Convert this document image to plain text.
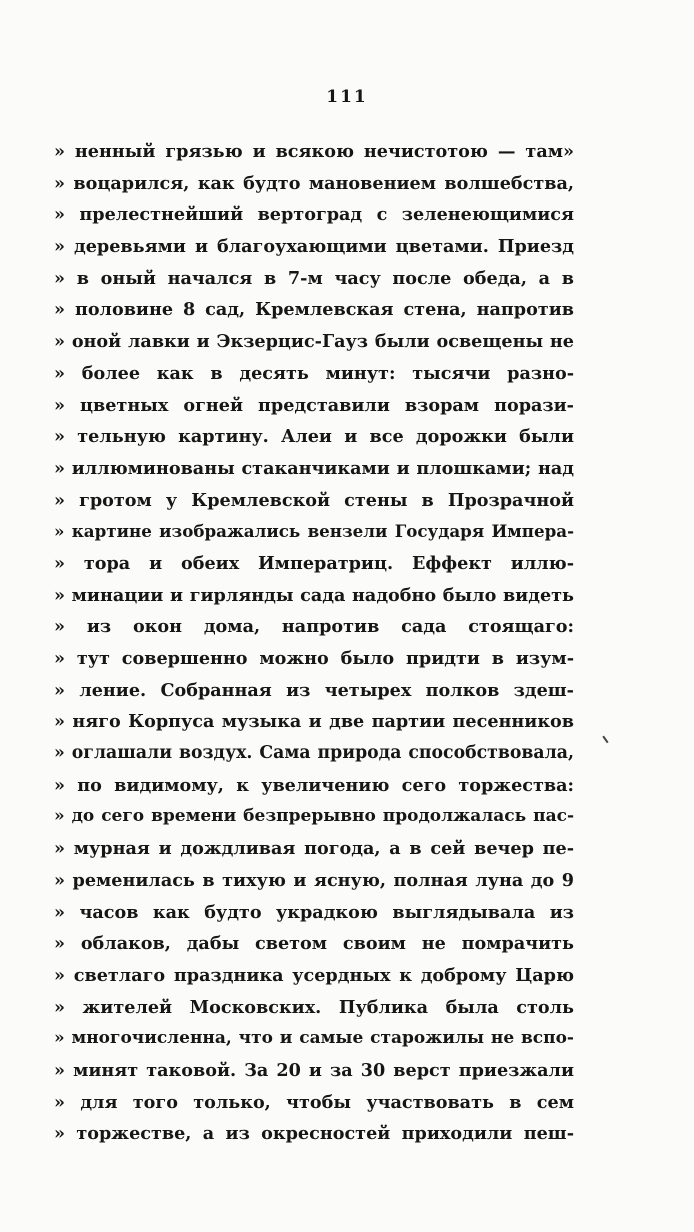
111
» ненный грязью и всякою нечистотою — там»
» воцарился, как будто мановением волшебства,
» прелестнейший вертоград с зеленеющимися
» деревьями и благоухающими цветами. Приезд
» в оный начался в 7-м часу после обеда, а в
» половине 8 сад, Кремлевская стена, напротив
» оной лавки и Экзерцис-Гауз были освещены не
» более как в десять минут: тысячи разно-
» цветных огней представили взорам порази-
» тельную картину. Алеи и все дорожки были
» иллюминованы стаканчиками и плошками; над
» гротом у Кремлевской стены в Прозрачной
» картине изображались вензели Государя Импера-
» тора и обеих Императриц. Еффект иллю-
» минации и гирлянды сада надобно было видеть
» из окон дома, напротив сада стоящаго:
» тут совершенно можно было придти в изум-
» ление. Собранная из четырех полков здеш-
» няго Корпуса музыка и две партии песенников
» оглашали воздух. Сама природа способствовала,
» по видимому, к увеличению сего торжества:
» до сего времени безпрерывно продолжалась пас-
» мурная и дождливая погода, а в сей вечер пе-
» ременилась в тихую и ясную, полная луна до 9
» часов как будто украдкою выглядывала из
» облаков, дабы светом своим не помрачить
» светлаго праздника усердных к доброму Царю
» жителей Московских. Публика была столь
» многочисленна, что и самые старожилы не вспо-
» минят таковой. За 20 и за 30 верст приезжали
» для того только, чтобы участвовать в сем
» торжестве, а из окресностей приходили пеш-
